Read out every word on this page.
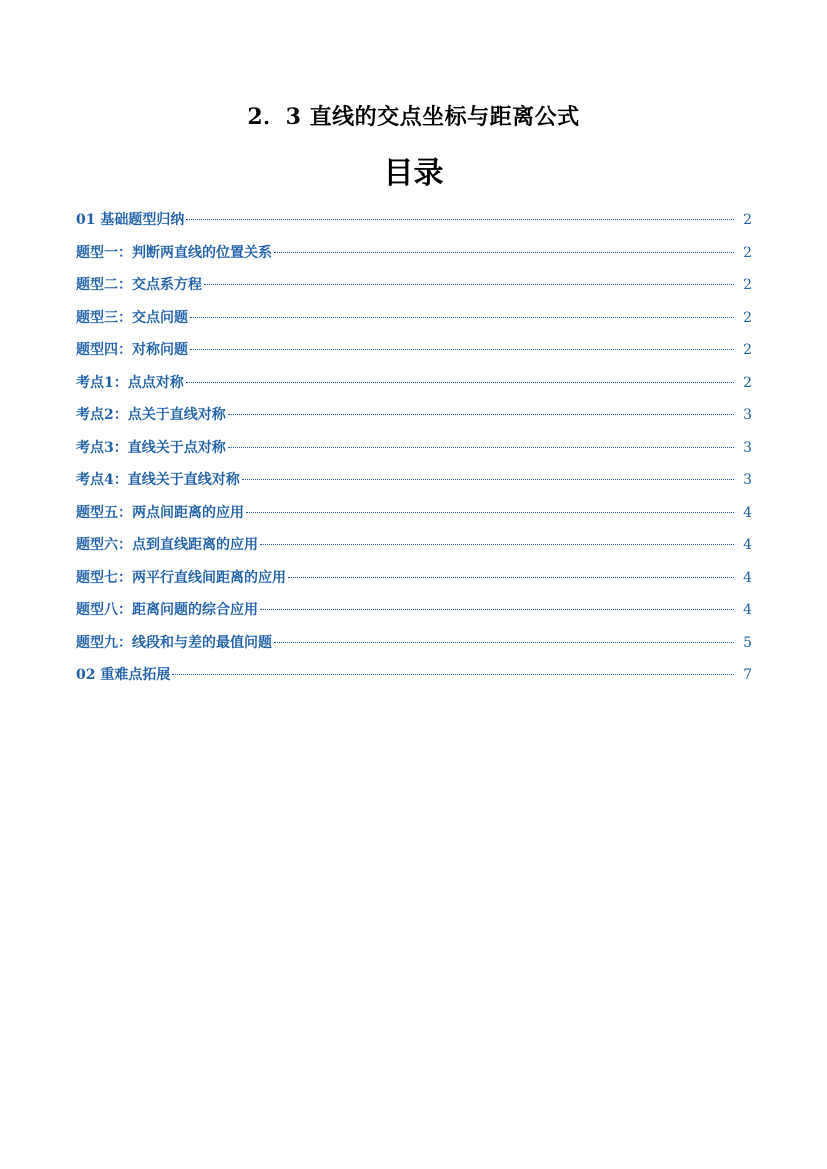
2．3 直线的交点坐标与距离公式
目录
01 基础题型归纳	2
题型一：判断两直线的位置关系	2
题型二：交点系方程	2
题型三：交点问题	2
题型四：对称问题	2
考点1：点点对称	2
考点2：点关于直线对称	3
考点3：直线关于点对称	3
考点4：直线关于直线对称	3
题型五：两点间距离的应用	4
题型六：点到直线距离的应用	4
题型七：两平行直线间距离的应用	4
题型八：距离问题的综合应用	4
题型九：线段和与差的最值问题	5
02 重难点拓展	7
